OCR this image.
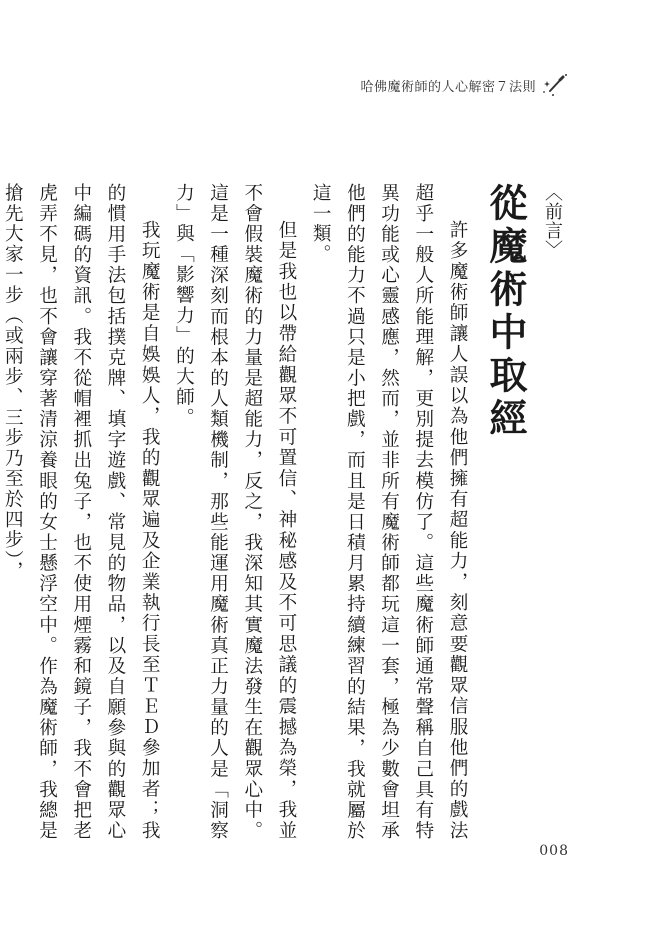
哈佛魔術師的人心解密７法則
〈前言〉
從魔術中取經

許多魔術師讓人誤以為他們擁有超能力，刻意要觀眾信服他們的戲法超乎一般人所能理解，更別提去模仿了。這些魔術師通常聲稱自己具有特異功能或心靈感應，然而，並非所有魔術師都玩這一套，極為少數會坦承他們的能力不過只是小把戲，而且是日積月累持續練習的結果，我就屬於這一類。

但是我也以帶給觀眾不可置信、神秘感及不可思議的震撼為榮，我並不會假裝魔術的力量是超能力，反之，我深知其實魔法發生在觀眾心中。這是一種深刻而根本的人類機制，那些能運用魔術真正力量的人是「洞察力」與「影響力」的大師。

我玩魔術是自娛娛人，我的觀眾遍及企業執行長至ＴＥＤ參加者；我的慣用手法包括撲克牌、填字遊戲、常見的物品，以及自願參與的觀眾心中編碼的資訊。我不從帽裡抓出兔子，也不使用煙霧和鏡子，我不會把老虎弄不見，也不會讓穿著清涼養眼的女士懸浮空中。作為魔術師，我總是搶先大家一步（或兩步、三步乃至於四步），

008
